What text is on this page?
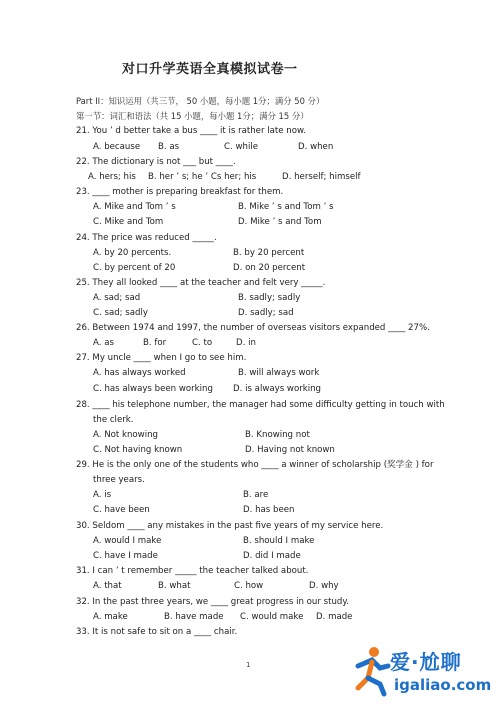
对口升学英语全真模拟试卷一
Part II：知识运用（共三节， 50 小题，每小题 1分；满分 50 分）
第一节：词汇和语法（共 15 小题，每小题 1分；满分 15 分）
21. You ’ d better take a bus ____ it is rather late now.
A. because B. as	C. while	D. when
22. The dictionary is not ___ but ____.
A. hers; his B. her ’ s; he ’ Cs her; his	D. herself; himself
23. ____ mother is preparing breakfast for them.
A. Mike and Tom ’ s	B. Mike ’ s and Tom ’ s
C. Mike and Tom	D. Mike ’ s and Tom
24. The price was reduced _____.
A. by 20 percents.	B. by 20 percent
C. by percent of 20	D. on 20 percent
25. They all looked ____ at the teacher and felt very _____.
A. sad; sad	B. sadly; sadly
C. sad; sadly	D. sadly; sad
26. Between 1974 and 1997, the number of overseas visitors expanded ____ 27%.
A. as	B. for	C. to	D. in
27. My uncle ____ when I go to see him.
A. has always worked	B. will always work
C. has always been working D. is always working
28. ____ his telephone number, the manager had some difficulty getting in touch with
the clerk.
A. Not knowing	B. Knowing not
C. Not having known	D. Having not known
29. He is the only one of the students who ____ a winner of scholarship (奖学金 ) for
three years.
A. is	B. are
C. have been	D. has been
30. Seldom ____ any mistakes in the past five years of my service here.
A. would I make	B. should I make
C. have I made	D. did I made
31. I can ’ t remember _____ the teacher talked about.
A. that	B. what	C. how	D. why
32. In the past three years, we ____ great progress in our study.
A. make	B. have made C. would make D. made
33. It is not safe to sit on a ____ chair.
1	爱·尬聊
igaliao.com
